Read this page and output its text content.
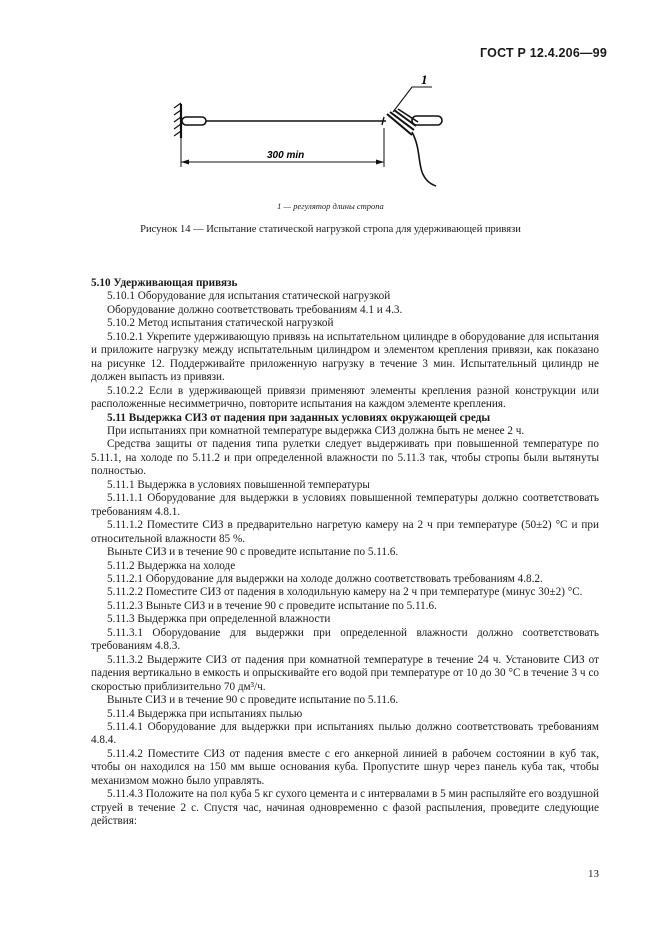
ГОСТ Р 12.4.206—99
1
300 min
1 — регулятор длины стропа
Рисунок 14 — Испытание статической нагрузкой стропа для удерживающей привязи

5.10 Удерживающая привязь

5.10.1 Оборудование для испытания статической нагрузкой

Оборудование должно соответствовать требованиям 4.1 и 4.3.

5.10.2 Метод испытания статической нагрузкой

5.10.2.1 Укрепите удерживающую привязь на испытательном цилиндре в оборудование для испытания и приложите нагрузку между испытательным цилиндром и элементом крепления привязи, как показано на рисунке 12. Поддерживайте приложенную нагрузку в течение 3 мин. Испытательный цилиндр не должен выпасть из привязи.

5.10.2.2 Если в удерживающей привязи применяют элементы крепления разной конструкции или расположенные несимметрично, повторите испытания на каждом элементе крепления.

5.11 Выдержка СИЗ от падения при заданных условиях окружающей среды

При испытаниях при комнатной температуре выдержка СИЗ должна быть не менее 2 ч.

Средства защиты от падения типа рулетки следует выдерживать при повышенной температуре по 5.11.1, на холоде по 5.11.2 и при определенной влажности по 5.11.3 так, чтобы стропы были вытянуты полностью.

5.11.1 Выдержка в условиях повышенной температуры

5.11.1.1 Оборудование для выдержки в условиях повышенной температуры должно соответствовать требованиям 4.8.1.

5.11.1.2 Поместите СИЗ в предварительно нагретую камеру на 2 ч при температуре (50±2) °С и при относительной влажности 85 %.

Выньте СИЗ и в течение 90 с проведите испытание по 5.11.6.

5.11.2 Выдержка на холоде

5.11.2.1 Оборудование для выдержки на холоде должно соответствовать требованиям 4.8.2.

5.11.2.2 Поместите СИЗ от падения в холодильную камеру на 2 ч при температуре (минус 30±2) °С.

5.11.2.3 Выньте СИЗ и в течение 90 с проведите испытание по 5.11.6.

5.11.3 Выдержка при определенной влажности

5.11.3.1 Оборудование для выдержки при определенной влажности должно соответствовать требованиям 4.8.3.

5.11.3.2 Выдержите СИЗ от падения при комнатной температуре в течение 24 ч. Установите СИЗ от падения вертикально в емкость и опрыскивайте его водой при температуре от 10 до 30 °С в течение 3 ч со скоростью приблизительно 70 дм³/ч.

Выньте СИЗ и в течение 90 с проведите испытание по 5.11.6.

5.11.4 Выдержка при испытаниях пылью

5.11.4.1 Оборудование для выдержки при испытаниях пылью должно соответствовать требованиям 4.8.4.

5.11.4.2 Поместите СИЗ от падения вместе с его анкерной линией в рабочем состоянии в куб так, чтобы он находился на 150 мм выше основания куба. Пропустите шнур через панель куба так, чтобы механизмом можно было управлять.

5.11.4.3 Положите на пол куба 5 кг сухого цемента и с интервалами в 5 мин распыляйте его воздушной струей в течение 2 с. Спустя час, начиная одновременно с фазой распыления, проведите следующие действия:

13
